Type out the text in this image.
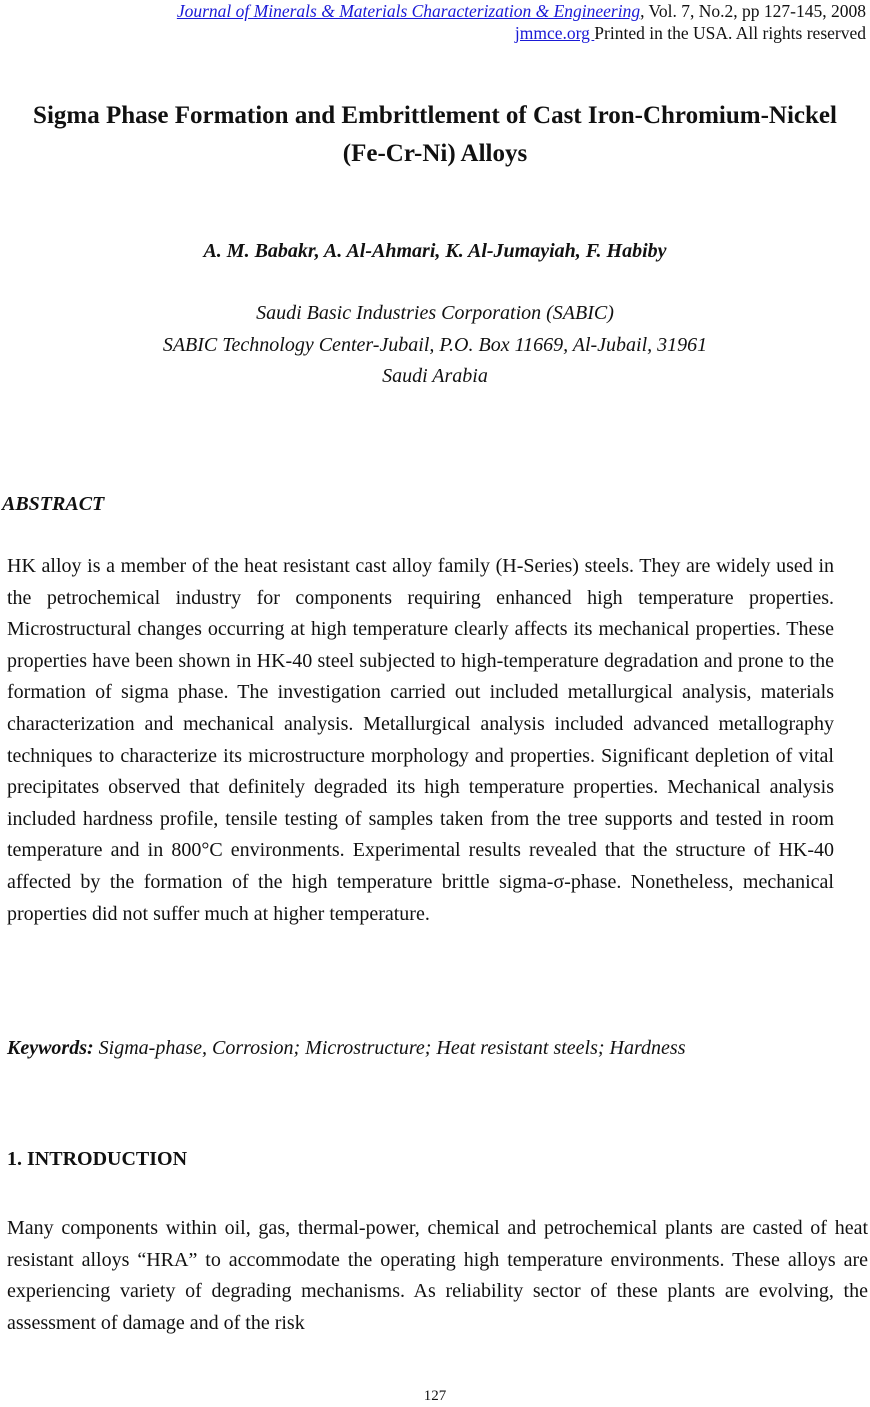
Journal of Minerals & Materials Characterization & Engineering, Vol. 7, No.2, pp 127-145, 2008
jmmce.org Printed in the USA. All rights reserved
Sigma Phase Formation and Embrittlement of Cast Iron-Chromium-Nickel (Fe-Cr-Ni) Alloys
A. M. Babakr, A. Al-Ahmari, K. Al-Jumayiah, F. Habiby
Saudi Basic Industries Corporation (SABIC)
SABIC Technology Center-Jubail, P.O. Box 11669, Al-Jubail, 31961
Saudi Arabia
ABSTRACT
HK alloy is a member of the heat resistant cast alloy family (H-Series) steels. They are widely used in the petrochemical industry for components requiring enhanced high temperature properties. Microstructural changes occurring at high temperature clearly affects its mechanical properties. These properties have been shown in HK-40 steel subjected to high-temperature degradation and prone to the formation of sigma phase. The investigation carried out included metallurgical analysis, materials characterization and mechanical analysis. Metallurgical analysis included advanced metallography techniques to characterize its microstructure morphology and properties. Significant depletion of vital precipitates observed that definitely degraded its high temperature properties. Mechanical analysis included hardness profile, tensile testing of samples taken from the tree supports and tested in room temperature and in 800°C environments. Experimental results revealed that the structure of HK-40 affected by the formation of the high temperature brittle sigma-σ-phase. Nonetheless, mechanical properties did not suffer much at higher temperature.
Keywords: Sigma-phase, Corrosion; Microstructure; Heat resistant steels; Hardness
1. INTRODUCTION
Many components within oil, gas, thermal-power, chemical and petrochemical plants are casted of heat resistant alloys “HRA” to accommodate the operating high temperature environments. These alloys are experiencing variety of degrading mechanisms. As reliability sector of these plants are evolving, the assessment of damage and of the risk
127
